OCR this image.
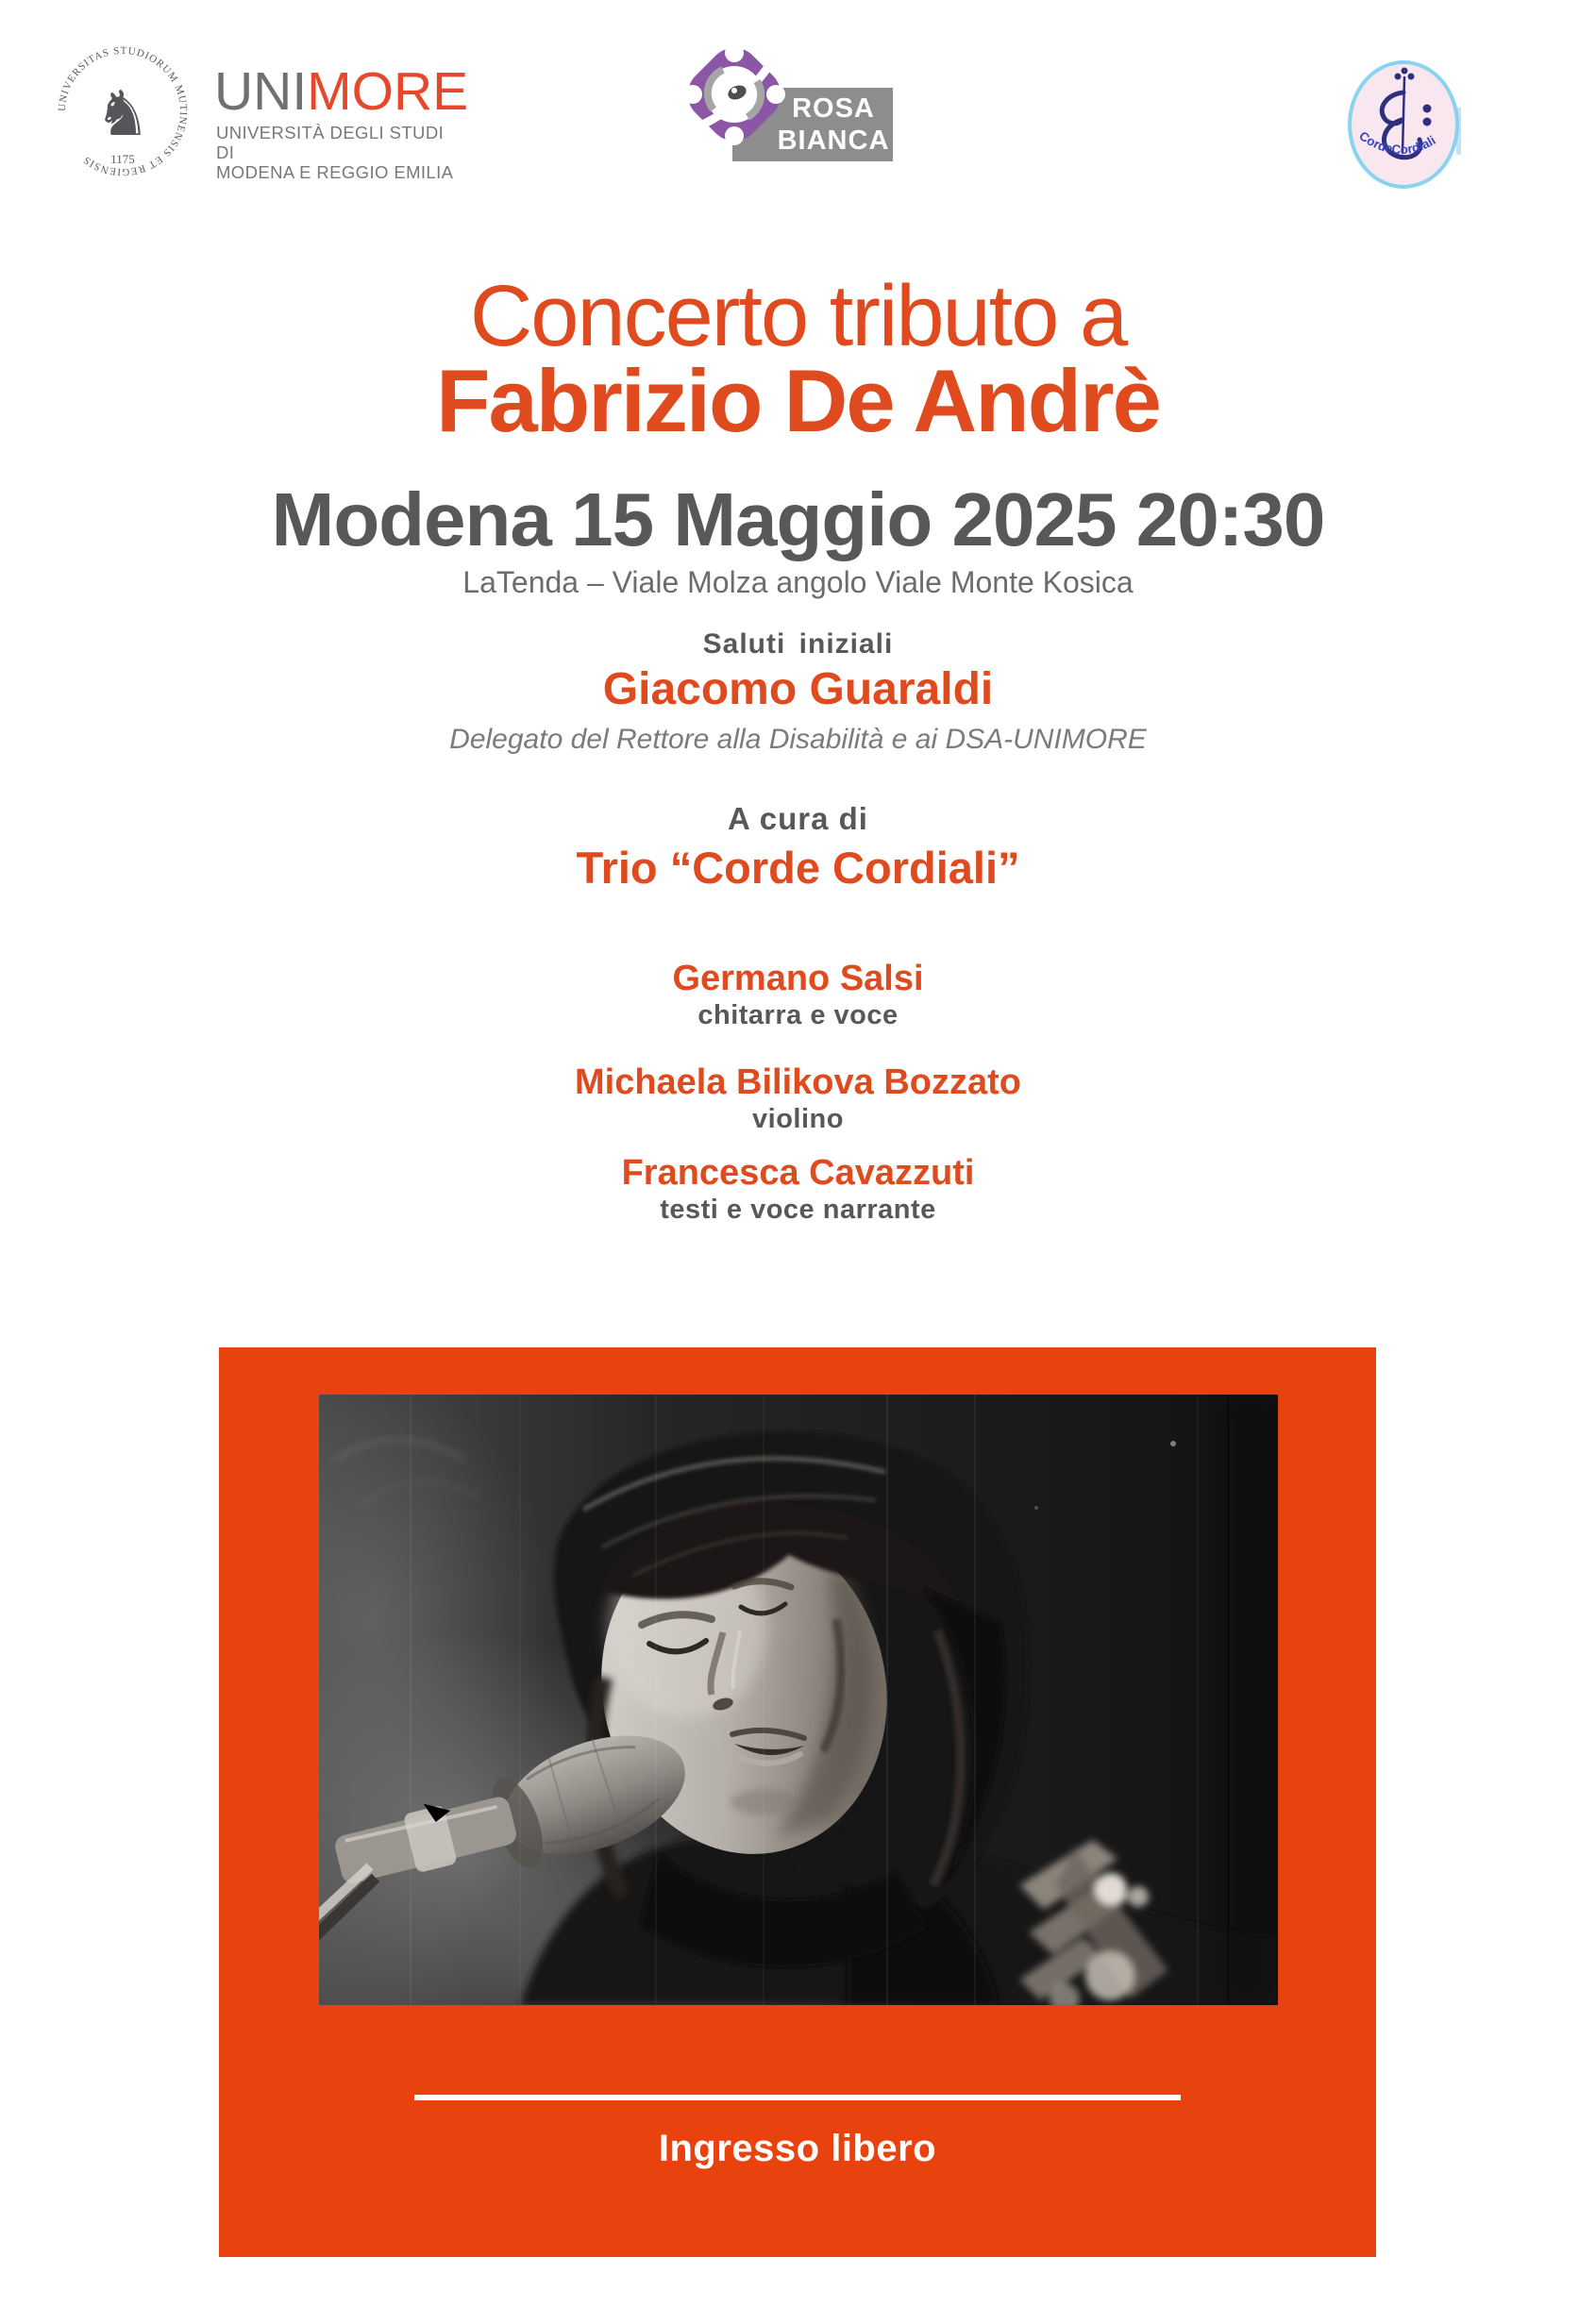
UNIVERSITAS STUDIORUM MUTINENSIS ET REGIENSIS
♞
1175
UNIMORE
UNIVERSITÀ DEGLI STUDI DI
MODENA E REGGIO EMILIA
ROSA
BIANCA	CordeCordiali
Concerto tributo a
Fabrizio De Andrè
Modena 15 Maggio 2025 20:30
LaTenda – Viale Molza angolo Viale Monte Kosica
Saluti iniziali
Giacomo Guaraldi
Delegato del Rettore alla Disabilità e ai DSA-UNIMORE
A cura di
Trio “Corde Cordiali”
Germano Salsi
chitarra e voce
Michaela Bilikova Bozzato
violino
Francesca Cavazzuti
testi e voce narrante
Ingresso libero
